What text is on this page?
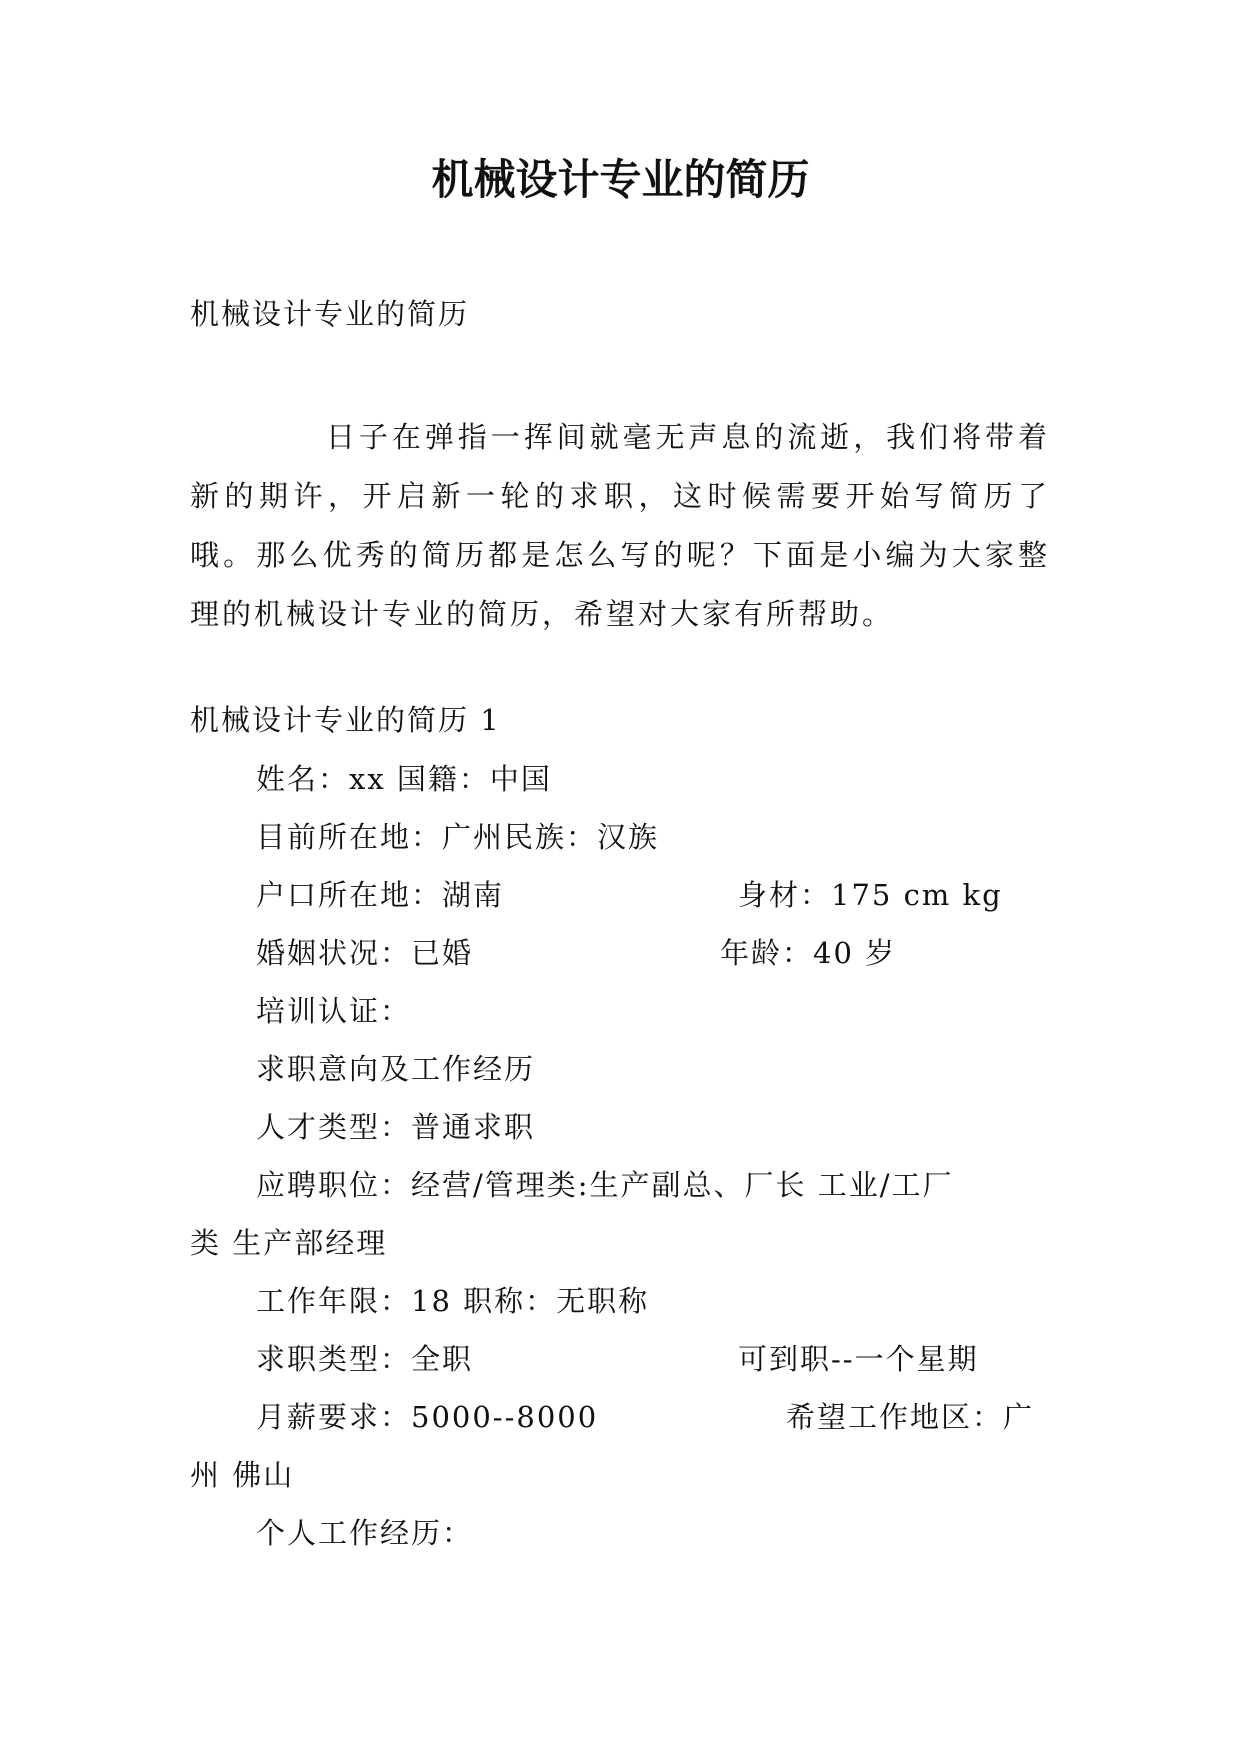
机械设计专业的简历
机械设计专业的简历
日子在弹指一挥间就毫无声息的流逝，我们将带着新的期许，开启新一轮的求职，这时候需要开始写简历了哦。那么优秀的简历都是怎么写的呢？下面是小编为大家整理的机械设计专业的简历，希望对大家有所帮助。
机械设计专业的简历 1
姓名：xx 国籍：中国
目前所在地：广州民族：汉族
户口所在地：湖南	身材：175 cm kg
婚姻状况：已婚	年龄：40 岁
培训认证：
求职意向及工作经历
人才类型：普通求职
应聘职位：经营/管理类:生产副总、厂长 工业/工厂
类 生产部经理
工作年限：18 职称：无职称
求职类型：全职	可到职--一个星期
月薪要求：5000--8000	希望工作地区：广
州 佛山
个人工作经历：
